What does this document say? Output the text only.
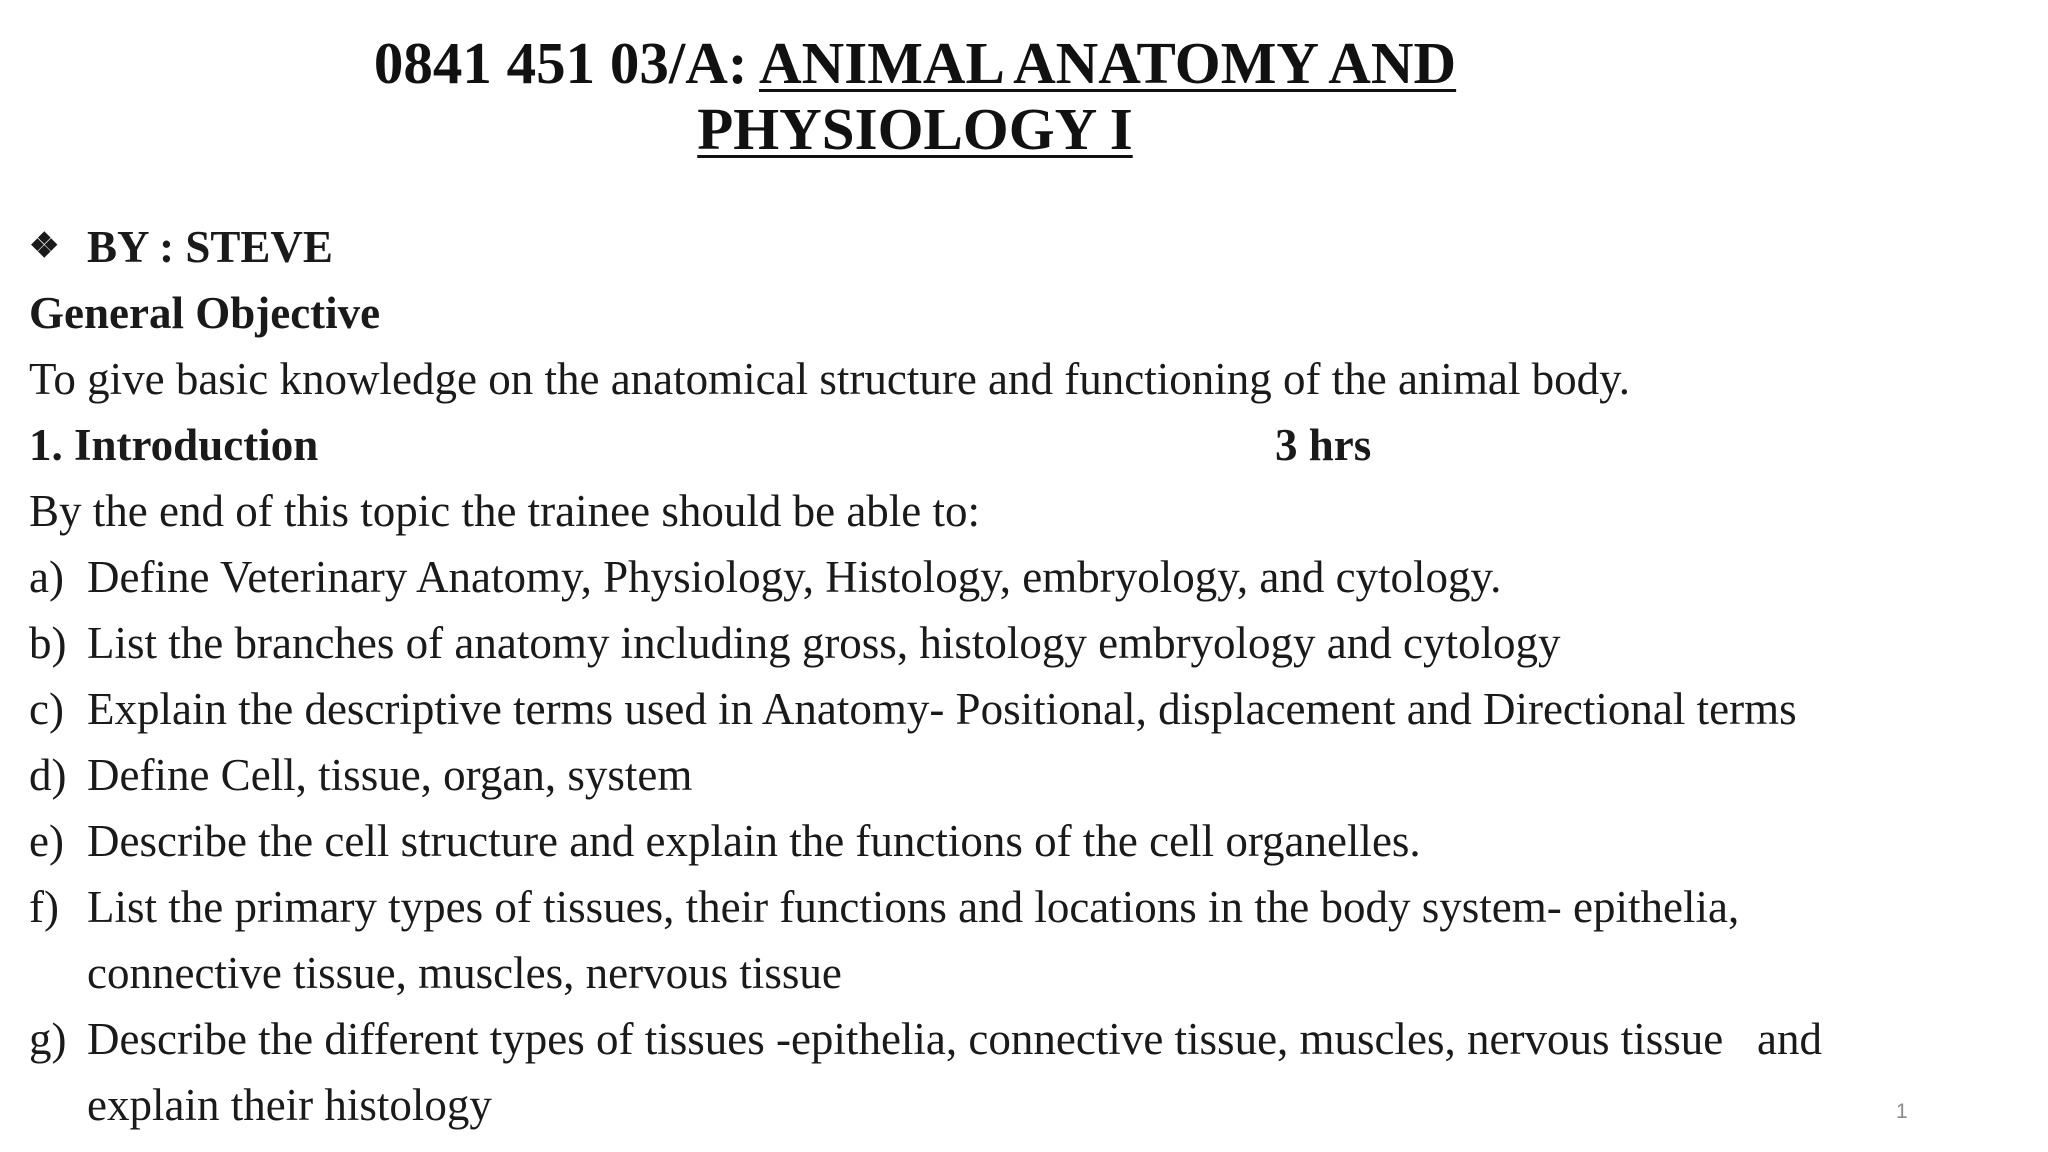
0841 451 03/A: ANIMAL ANATOMY AND
PHYSIOLOGY I
❖ BY : STEVE
General Objective
To give basic knowledge on the anatomical structure and functioning of the animal body.
1. Introduction	3 hrs
By the end of this topic the trainee should be able to:
a) Define Veterinary Anatomy, Physiology, Histology, embryology, and cytology.
b) List the branches of anatomy including gross, histology embryology and cytology
c) Explain the descriptive terms used in Anatomy- Positional, displacement and Directional terms
d) Define Cell, tissue, organ, system
e) Describe the cell structure and explain the functions of the cell organelles.
f) List the primary types of tissues, their functions and locations in the body system- epithelia, connective tissue, muscles, nervous tissue
g) Describe the different types of tissues -epithelia, connective tissue, muscles, nervous tissue   and explain their histology	1
